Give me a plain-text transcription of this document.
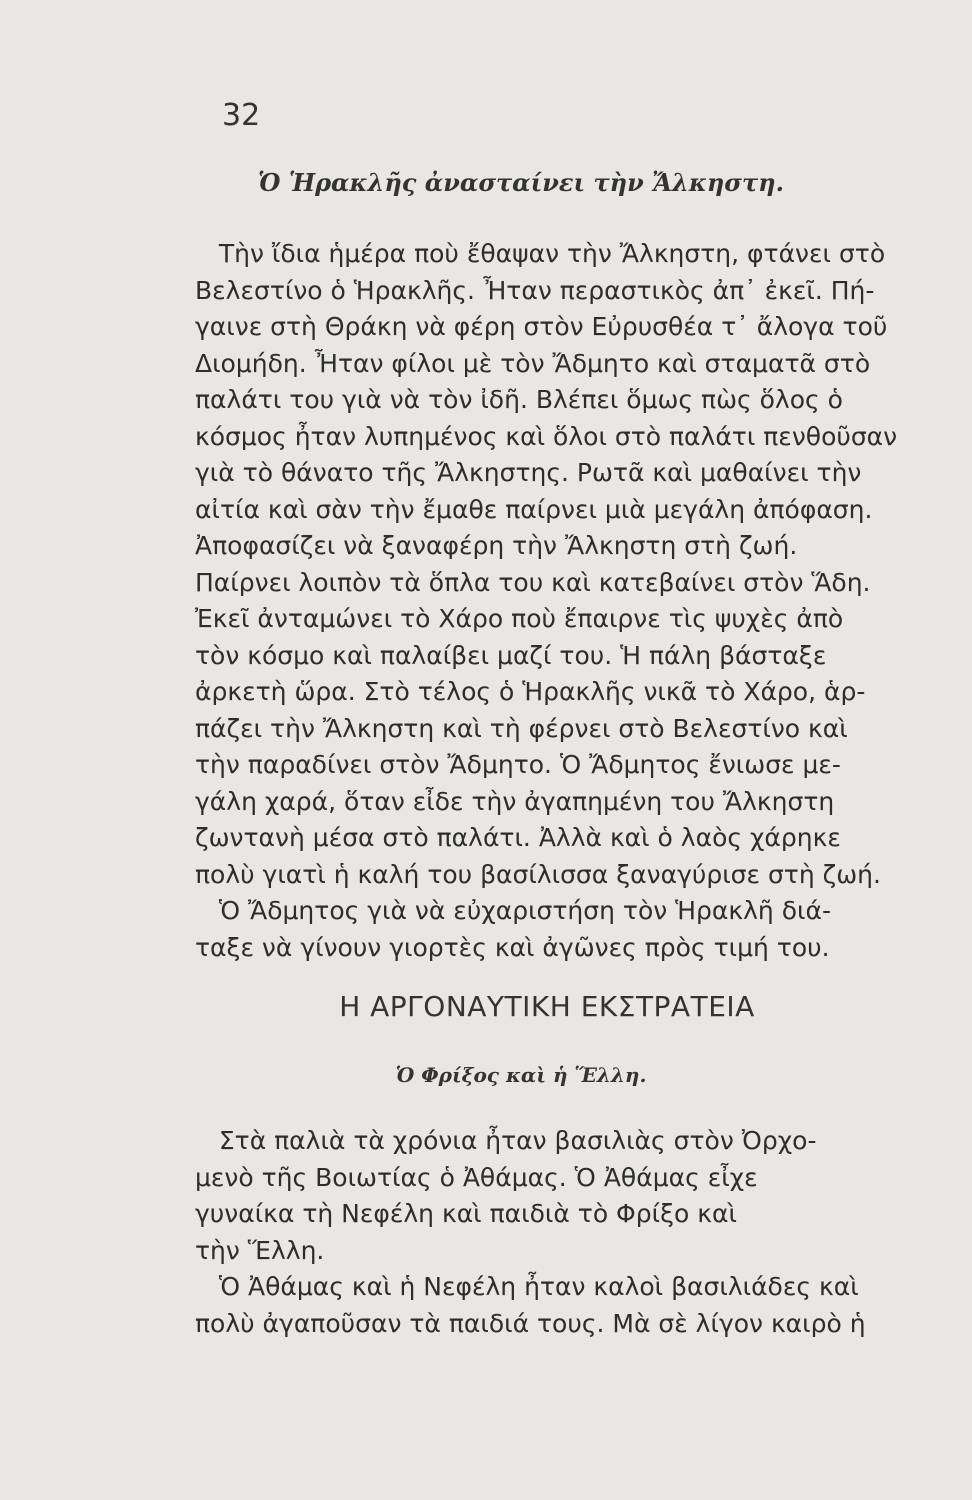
32
Ὁ Ἡρακλῆς ἀνασταίνει τὴν Ἄλκηστη.
Τὴν ἴδια ἡμέρα ποὺ ἔθαψαν τὴν Ἄλκηστη, φτάνει στὸ
Βελεστίνο ὁ Ἡρακλῆς. Ἦταν περαστικὸς ἀπ᾽ ἐκεῖ. Πή-
γαινε στὴ Θράκη νὰ φέρη στὸν Εὐρυσθέα τ᾽ ἄλογα τοῦ
Διομήδη. Ἦταν φίλοι μὲ τὸν Ἄδμητο καὶ σταματᾶ στὸ
παλάτι του γιὰ νὰ τὸν ἰδῆ. Βλέπει ὅμως πὼς ὅλος ὁ
κόσμος ἦταν λυπημένος καὶ ὅλοι στὸ παλάτι πενθοῦσαν
γιὰ τὸ θάνατο τῆς Ἄλκηστης. Ρωτᾶ καὶ μαθαίνει τὴν
αἰτία καὶ σὰν τὴν ἔμαθε παίρνει μιὰ μεγάλη ἀπόφαση.
Ἀποφασίζει νὰ ξαναφέρη τὴν Ἄλκηστη στὴ ζωή.
Παίρνει λοιπὸν τὰ ὅπλα του καὶ κατεβαίνει στὸν Ἅδη.
Ἐκεῖ ἀνταμώνει τὸ Χάρο ποὺ ἔπαιρνε τὶς ψυχὲς ἀπὸ
τὸν κόσμο καὶ παλαίβει μαζί του. Ἡ πάλη βάσταξε
ἀρκετὴ ὥρα. Στὸ τέλος ὁ Ἡρακλῆς νικᾶ τὸ Χάρο, ἁρ-
πάζει τὴν Ἄλκηστη καὶ τὴ φέρνει στὸ Βελεστίνο καὶ
τὴν παραδίνει στὸν Ἄδμητο. Ὁ Ἄδμητος ἔνιωσε με-
γάλη χαρά, ὅταν εἶδε τὴν ἀγαπημένη του Ἄλκηστη
ζωντανὴ μέσα στὸ παλάτι. Ἀλλὰ καὶ ὁ λαὸς χάρηκε
πολὺ γιατὶ ἡ καλή του βασίλισσα ξαναγύρισε στὴ ζωή.
Ὁ Ἄδμητος γιὰ νὰ εὐχαριστήση τὸν Ἡρακλῆ διά-
ταξε νὰ γίνουν γιορτὲς καὶ ἀγῶνες πρὸς τιμή του.
Η ΑΡΓΟΝΑΥΤΙΚΗ ΕΚΣΤΡΑΤΕΙΑ
Ὁ Φρίξος καὶ ἡ Ἕλλη.
Στὰ παλιὰ τὰ χρόνια ἦταν βασιλιὰς στὸν Ὀρχο-
μενὸ τῆς Βοιωτίας ὁ Ἀθάμας. Ὁ Ἀθάμας εἶχε
γυναίκα τὴ Νεφέλη καὶ παιδιὰ τὸ Φρίξο καὶ
τὴν Ἕλλη.
Ὁ Ἀθάμας καὶ ἡ Νεφέλη ἦταν καλοὶ βασιλιάδες καὶ
πολὺ ἀγαποῦσαν τὰ παιδιά τους. Μὰ σὲ λίγον καιρὸ ἡ
